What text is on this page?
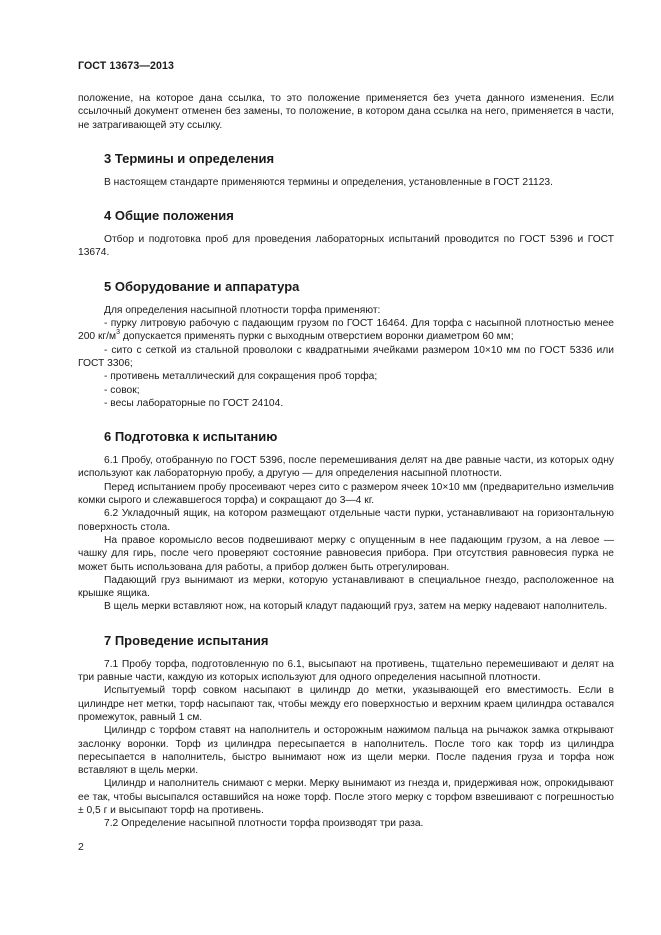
ГОСТ 13673—2013

положение, на которое дана ссылка, то это положение применяется без учета данного изменения. Если ссылочный документ отменен без замены, то положение, в котором дана ссылка на него, применяется в части, не затрагивающей эту ссылку.

3 Термины и определения

В настоящем стандарте применяются термины и определения, установленные в ГОСТ 21123.

4 Общие положения

Отбор и подготовка проб для проведения лабораторных испытаний проводится по ГОСТ 5396 и ГОСТ 13674.

5 Оборудование и аппаратура

Для определения насыпной плотности торфа применяют:

- пурку литровую рабочую с падающим грузом по ГОСТ 16464. Для торфа с насыпной плотностью менее 200 $кг/м^3$ допускается применять пурки с выходным отверстием воронки диаметром 60 мм;

- сито с сеткой из стальной проволоки с квадратными ячейками размером 10×10 мм по ГОСТ 5336 или ГОСТ 3306;

- противень металлический для сокращения проб торфа;

- совок;

- весы лабораторные по ГОСТ 24104.

6 Подготовка к испытанию

6.1 Пробу, отобранную по ГОСТ 5396, после перемешивания делят на две равные части, из которых одну используют как лабораторную пробу, а другую — для определения насыпной плотности.

Перед испытанием пробу просеивают через сито с размером ячеек 10×10 мм (предварительно измельчив комки сырого и слежавшегося торфа) и сокращают до 3—4 кг.

6.2 Укладочный ящик, на котором размещают отдельные части пурки, устанавливают на горизонтальную поверхность стола.

На правое коромысло весов подвешивают мерку с опущенным в нее падающим грузом, а на левое — чашку для гирь, после чего проверяют состояние равновесия прибора. При отсутствия равновесия пурка не может быть использована для работы, а прибор должен быть отрегулирован.

Падающий груз вынимают из мерки, которую устанавливают в специальное гнездо, расположенное на крышке ящика.

В щель мерки вставляют нож, на который кладут падающий груз, затем на мерку надевают наполнитель.

7 Проведение испытания

7.1 Пробу торфа, подготовленную по 6.1, высыпают на противень, тщательно перемешивают и делят на три равные части, каждую из которых используют для одного определения насыпной плотности.

Испытуемый торф совком насыпают в цилиндр до метки, указывающей его вместимость. Если в цилиндре нет метки, торф насыпают так, чтобы между его поверхностью и верхним краем цилиндра оставался промежуток, равный 1 см.

Цилиндр с торфом ставят на наполнитель и осторожным нажимом пальца на рычажок замка открывают заслонку воронки. Торф из цилиндра пересыпается в наполнитель. После того как торф из цилиндра пересыпается в наполнитель, быстро вынимают нож из щели мерки. После падения груза и торфа нож вставляют в щель мерки.

Цилиндр и наполнитель снимают с мерки. Мерку вынимают из гнезда и, придерживая нож, опрокидывают ее так, чтобы высыпался оставшийся на ноже торф. После этого мерку с торфом взвешивают с погрешностью ± 0,5 г и высыпают торф на противень.

7.2 Определение насыпной плотности торфа производят три раза.

2
